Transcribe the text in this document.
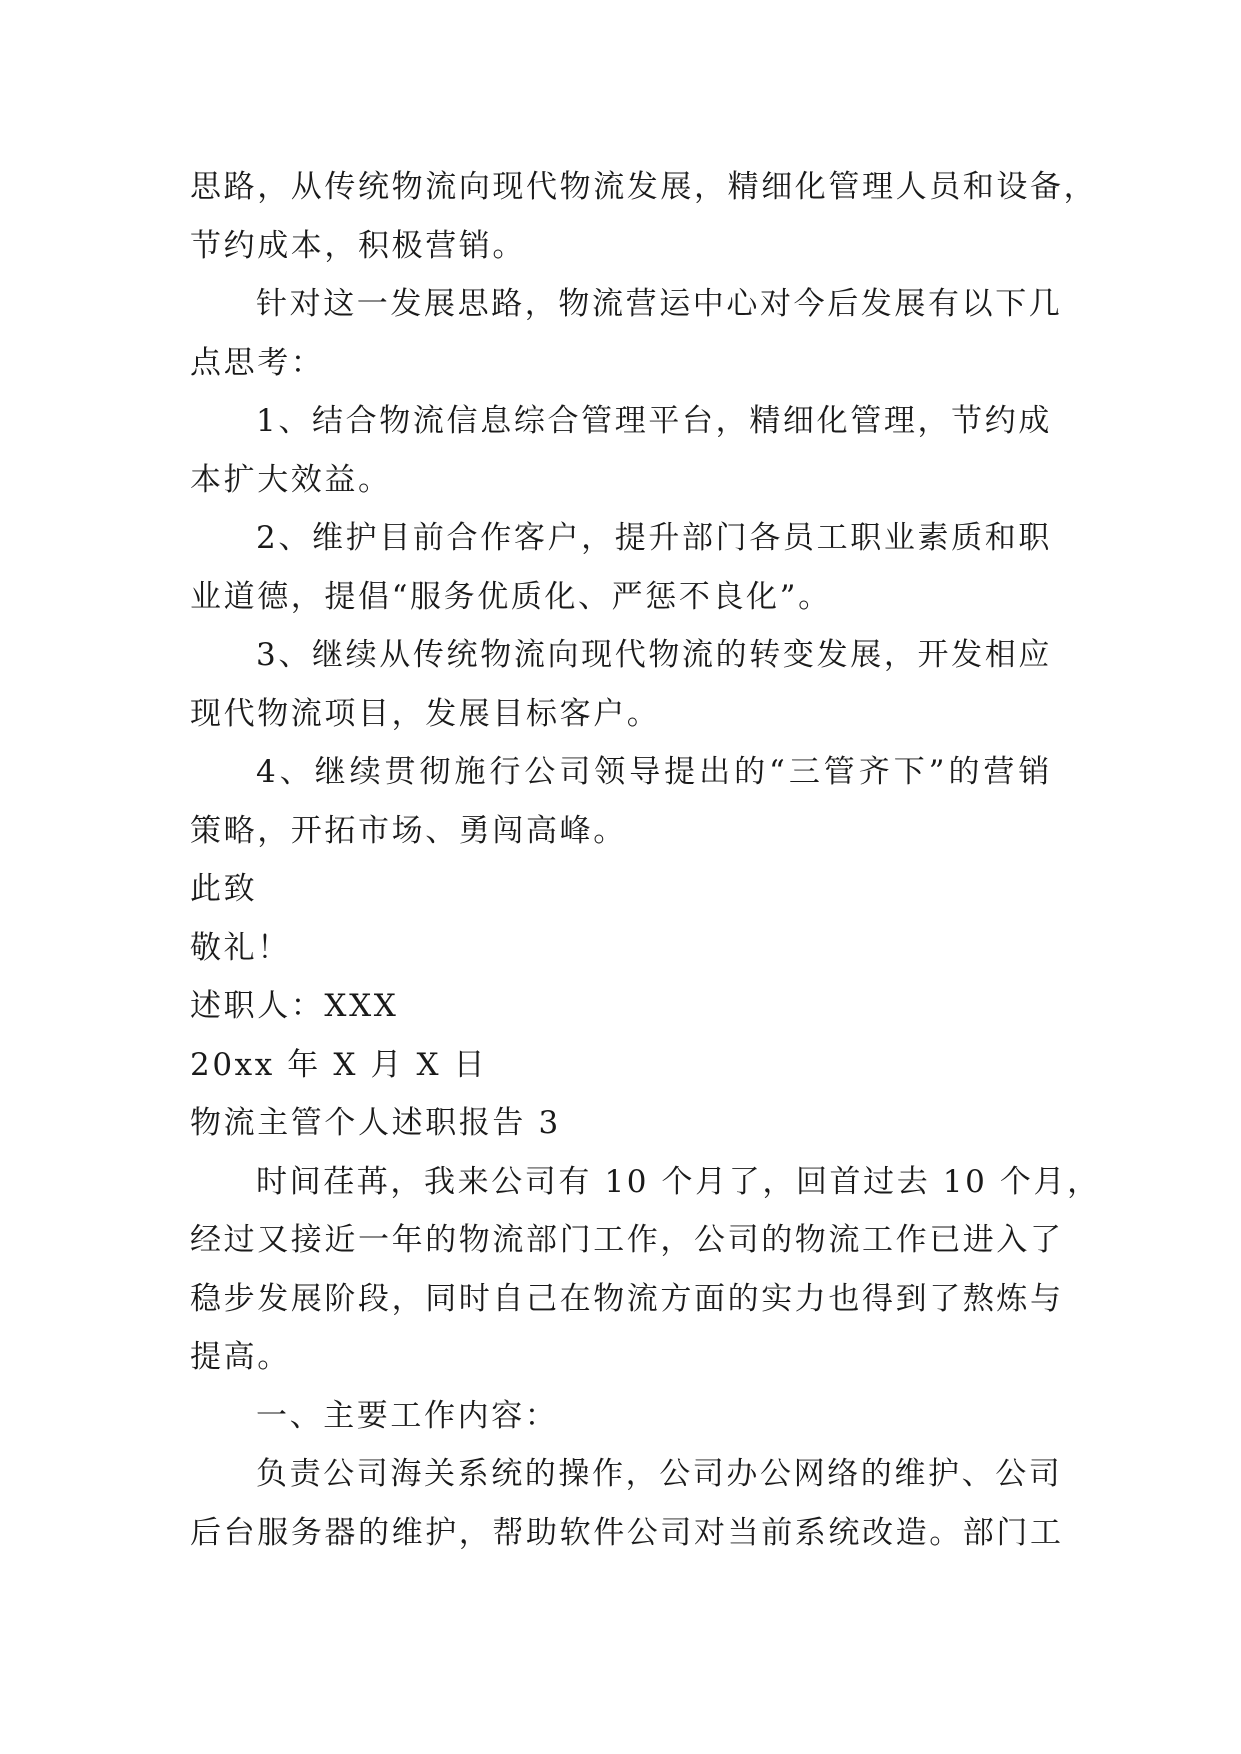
思路，从传统物流向现代物流发展，精细化管理人员和设备，
节约成本，积极营销。
针对这一发展思路，物流营运中心对今后发展有以下几
点思考：
1、结合物流信息综合管理平台，精细化管理，节约成
本扩大效益。
2、维护目前合作客户，提升部门各员工职业素质和职
业道德，提倡“服务优质化、严惩不良化”。
3、继续从传统物流向现代物流的转变发展，开发相应
现代物流项目，发展目标客户。
4、继续贯彻施行公司领导提出的“三管齐下”的营销
策略，开拓市场、勇闯高峰。
此致
敬礼！
述职人：XXX
20xx 年 X 月 X 日
物流主管个人述职报告 3
时间荏苒，我来公司有 10 个月了，回首过去 10 个月，
经过又接近一年的物流部门工作，公司的物流工作已进入了
稳步发展阶段，同时自己在物流方面的实力也得到了熬炼与
提高。
一、主要工作内容：
负责公司海关系统的操作，公司办公网络的维护、公司
后台服务器的维护，帮助软件公司对当前系统改造。部门工
